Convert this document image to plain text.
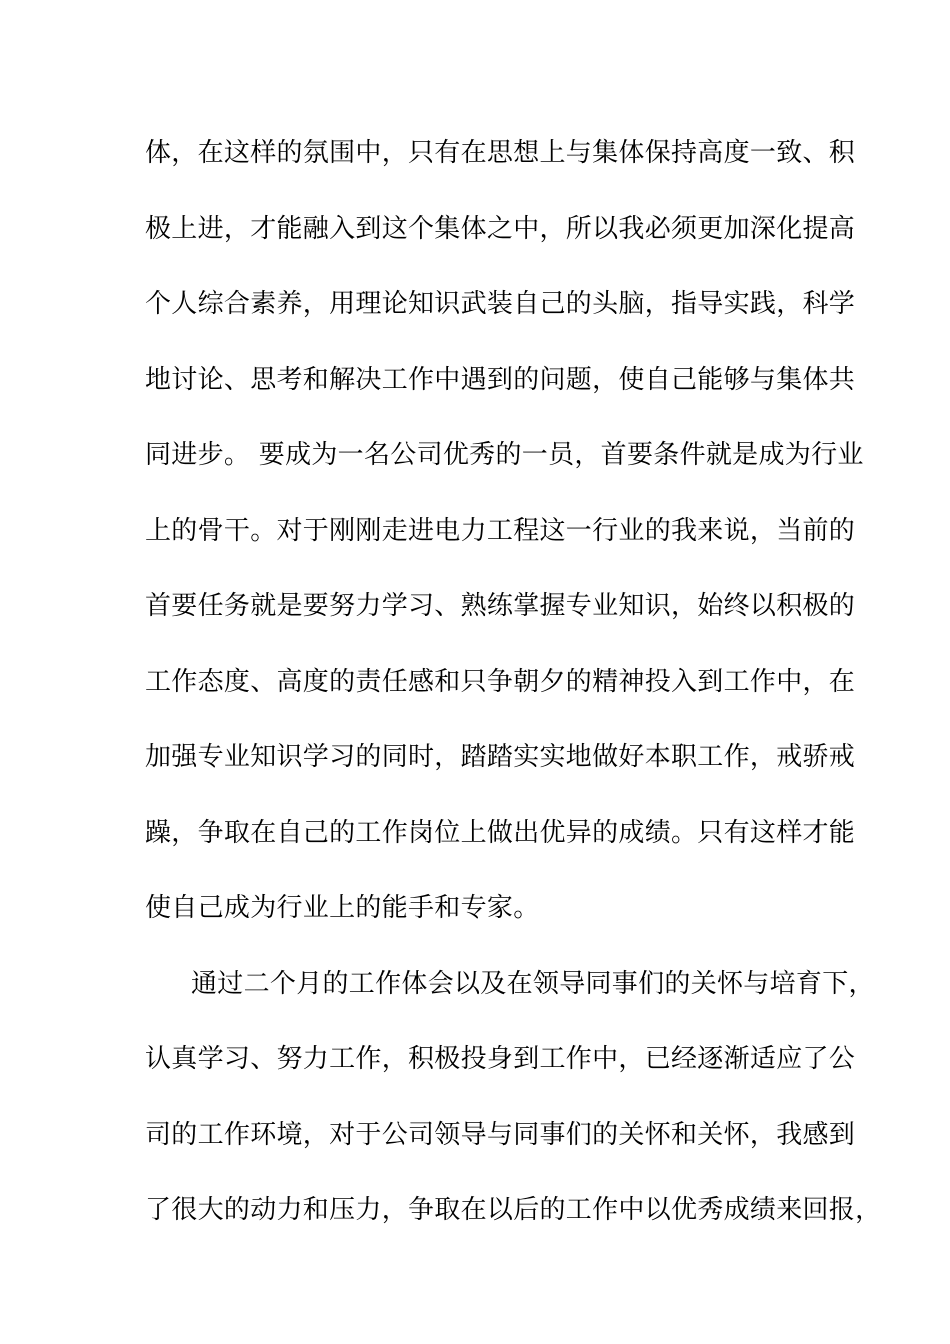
体，在这样的氛围中，只有在思想上与集体保持高度一致、积
极上进，才能融入到这个集体之中，所以我必须更加深化提高
个人综合素养，用理论知识武装自己的头脑，指导实践，科学
地讨论、思考和解决工作中遇到的问题，使自己能够与集体共
同进步。 要成为一名公司优秀的一员，首要条件就是成为行业
上的骨干。对于刚刚走进电力工程这一行业的我来说，当前的
首要任务就是要努力学习、熟练掌握专业知识，始终以积极的
工作态度、高度的责任感和只争朝夕的精神投入到工作中，在
加强专业知识学习的同时，踏踏实实地做好本职工作，戒骄戒
躁，争取在自己的工作岗位上做出优异的成绩。只有这样才能
使自己成为行业上的能手和专家。
通过二个月的工作体会以及在领导同事们的关怀与培育下，
认真学习、努力工作，积极投身到工作中，已经逐渐适应了公
司的工作环境，对于公司领导与同事们的关怀和关怀，我感到
了很大的动力和压力，争取在以后的工作中以优秀成绩来回报，
